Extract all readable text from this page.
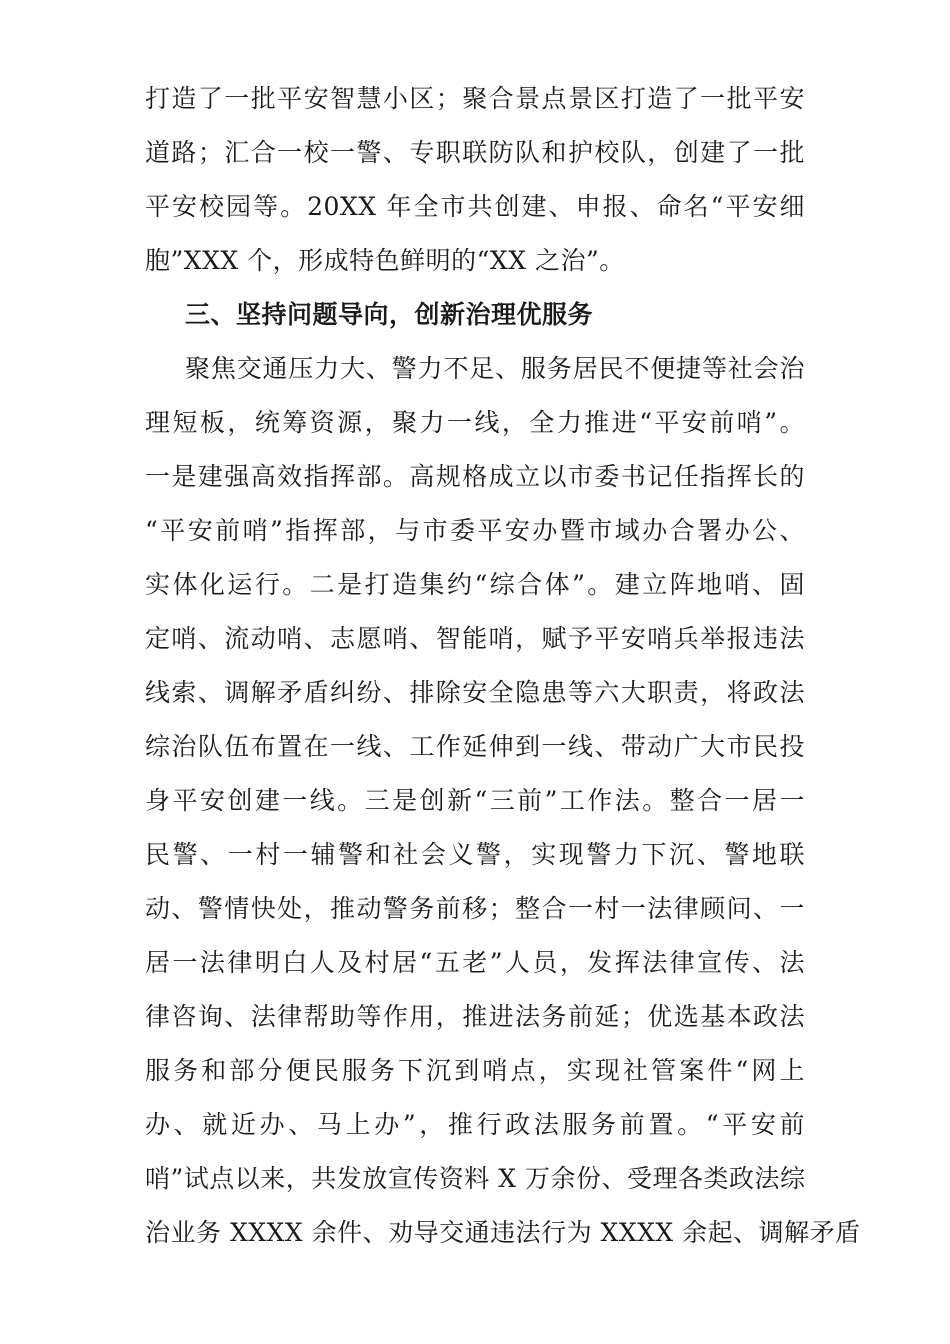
打造了一批平安智慧小区；聚合景点景区打造了一批平安
道路；汇合一校一警、专职联防队和护校队，创建了一批
平安校园等。20XX 年全市共创建、申报、命名“平安细
胞”XXX 个，形成特色鲜明的“XX 之治”。
三、坚持问题导向，创新治理优服务
聚焦交通压力大、警力不足、服务居民不便捷等社会治
理短板，统筹资源，聚力一线，全力推进“平安前哨”。
一是建强高效指挥部。高规格成立以市委书记任指挥长的
“平安前哨”指挥部，与市委平安办暨市域办合署办公、
实体化运行。二是打造集约“综合体”。建立阵地哨、固
定哨、流动哨、志愿哨、智能哨，赋予平安哨兵举报违法
线索、调解矛盾纠纷、排除安全隐患等六大职责，将政法
综治队伍布置在一线、工作延伸到一线、带动广大市民投
身平安创建一线。三是创新“三前”工作法。整合一居一
民警、一村一辅警和社会义警，实现警力下沉、警地联
动、警情快处，推动警务前移；整合一村一法律顾问、一
居一法律明白人及村居“五老”人员，发挥法律宣传、法
律咨询、法律帮助等作用，推进法务前延；优选基本政法
服务和部分便民服务下沉到哨点，实现社管案件“网上
办、就近办、马上办”，推行政法服务前置。“平安前
哨”试点以来，共发放宣传资料 X 万余份、受理各类政法综
治业务 XXXX 余件、劝导交通违法行为 XXXX 余起、调解矛盾
